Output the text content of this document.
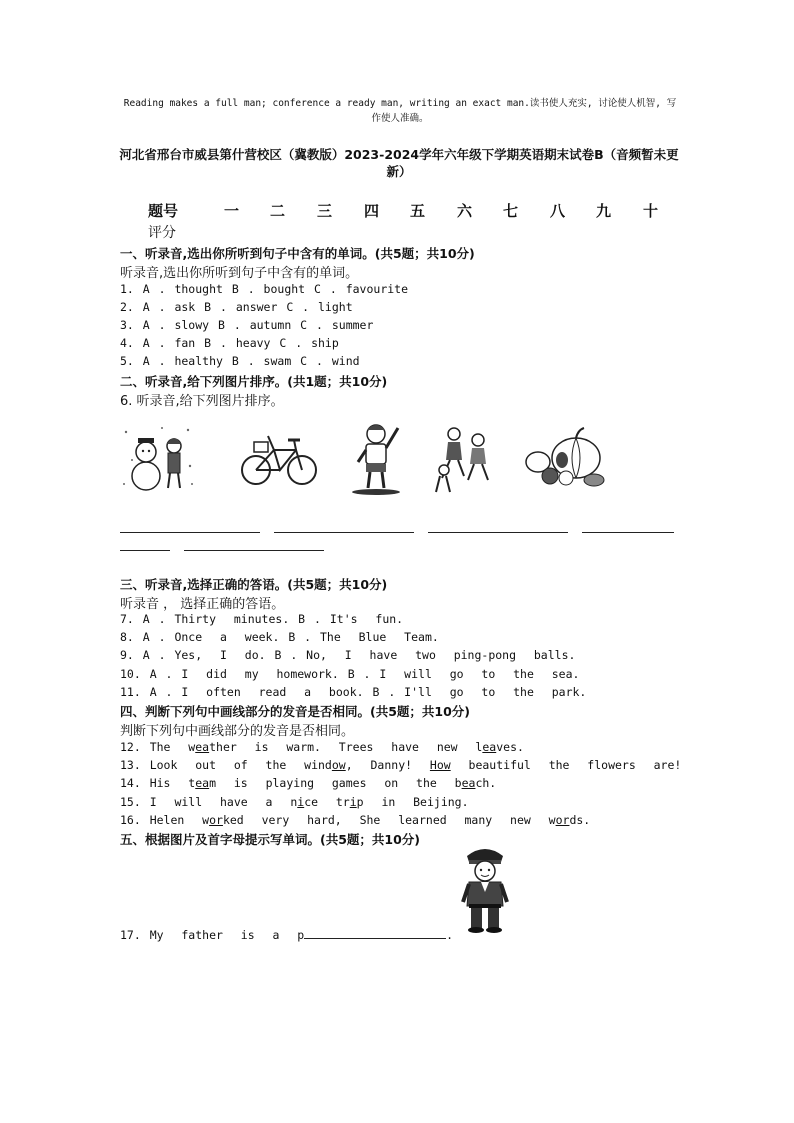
Reading makes a full man; conference a ready man, writing an exact man.读书使人充实, 讨论使人机智, 写作使人准确。
河北省邢台市威县第什营校区（冀教版）2023-2024学年六年级下学期英语期末试卷B（音频暂未更新）
题号	一 二 三 四 五 六 七 八 九 十
评分
一、听录音,选出你所听到句子中含有的单词。(共5题；共10分)
听录音,选出你所听到句子中含有的单词。
1. A . thought B . bought C . favourite
2. A . ask B . answer C . light
3. A . slowy B . autumn C . summer
4. A . fan B . heavy C . ship
5. A . healthy B . swam C . wind
二、听录音,给下列图片排序。(共1题；共10分)
6. 听录音,给下列图片排序。
三、听录音,选择正确的答语。(共5题；共10分)
听录音 ， 选择正确的答语。
7. A . Thirty  minutes. B . It's  fun.
8. A . Once  a  week. B . The  Blue  Team.
9. A . Yes,  I  do. B . No,  I  have  two  ping-pong  balls.
10. A . I  did  my  homework. B . I  will  go  to  the  sea.
11. A . I  often  read  a  book. B . I'll  go  to  the  park.
四、判断下列句中画线部分的发音是否相同。(共5题；共10分)
判断下列句中画线部分的发音是否相同。
12. The  weather  is  warm.  Trees  have  new  leaves.
13. Look  out  of  the  window,  Danny!  How  beautiful  the  flowers  are!
14. His  team  is  playing  games  on  the  beach.
15. I  will  have  a  nice  trip  in  Beijing.
16. Helen  worked  very  hard,  She  learned  many  new  words.
五、根据图片及首字母提示写单词。(共5题；共10分)
17. My  father  is  a  p	.
